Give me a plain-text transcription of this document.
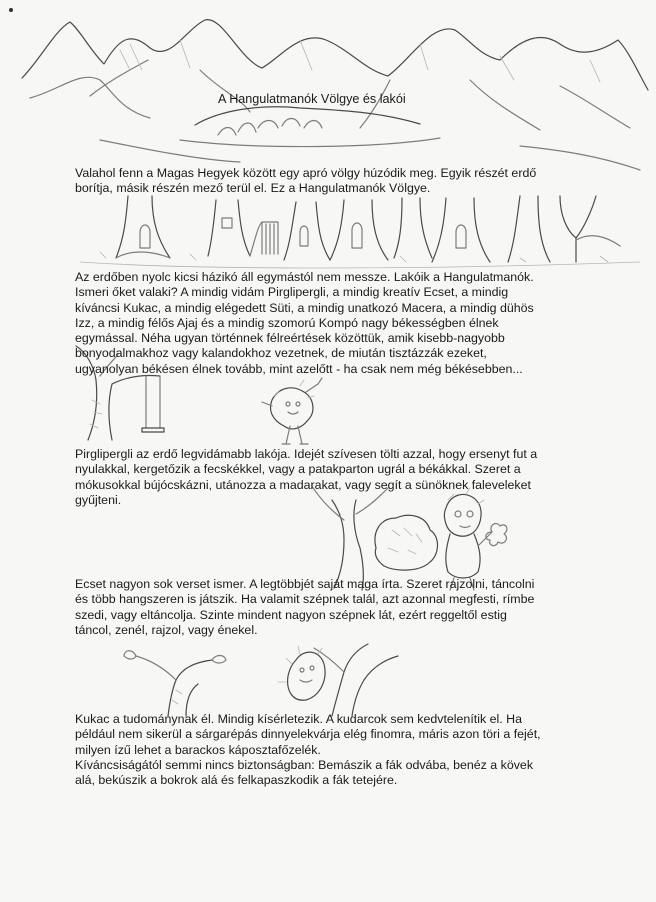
A Hangulatmanók Völgye és lakói
Valahol fenn a Magas Hegyek között egy apró völgy húzódik meg. Egyik részét erdő
borítja, másik részén mező terül el. Ez a Hangulatmanók Völgye.
Az erdőben nyolc kicsi házikó áll egymástól nem messze. Lakóik a Hangulatmanók.
Ismeri őket valaki? A mindig vidám Pirglipergli, a mindig kreatív Ecset, a mindig
kíváncsi Kukac, a mindig elégedett Süti, a mindig unatkozó Macera, a mindig dühös
Izz, a mindig félős Ajaj és a mindig szomorú Kompó nagy békességben élnek
egymással. Néha ugyan történnek félreértések közöttük, amik kisebb-nagyobb
bonyodalmakhoz vagy kalandokhoz vezetnek, de miután tisztázzák ezeket,
ugyanolyan békésen élnek tovább, mint azelőtt - ha csak nem még békésebben...
Pirglipergli az erdő legvidámabb lakója. Idejét szívesen tölti azzal, hogy ersenyt fut a
nyulakkal, kergetőzik a fecskékkel, vagy a patakparton ugrál a békákkal. Szeret a
mókusokkal bújócskázni, utánozza a madarakat, vagy segít a sünöknek faleveleket
gyűjteni.
Ecset nagyon sok verset ismer. A legtöbbjét saját maga írta. Szeret rajzolni, táncolni
és több hangszeren is játszik. Ha valamit szépnek talál, azt azonnal megfesti, rímbe
szedi, vagy eltáncolja. Szinte mindent nagyon szépnek lát, ezért reggeltől estig
táncol, zenél, rajzol, vagy énekel.
Kukac a tudománynak él. Mindig kísérletezik. A kudarcok sem kedvtelenítik el. Ha
például nem sikerül a sárgarépás dinnyelekvárja elég finomra, máris azon töri a fejét,
milyen ízű lehet a barackos káposztafőzelék.
Kíváncsiságától semmi nincs biztonságban: Bemászik a fák odvába, benéz a kövek
alá, bekúszik a bokrok alá és felkapaszkodik a fák tetejére.
